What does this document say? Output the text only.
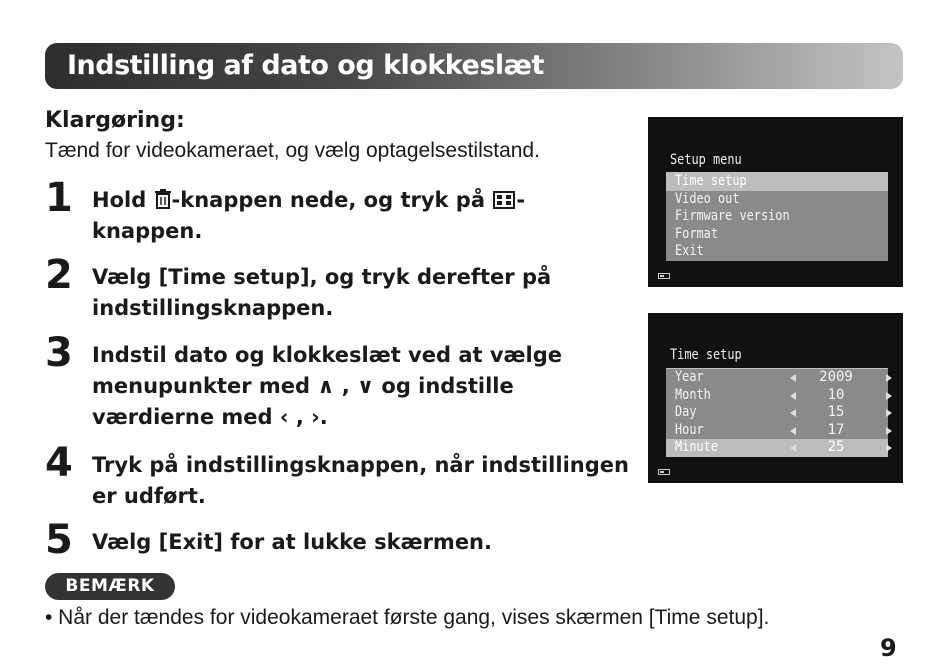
Indstilling af dato og klokkeslæt
Klargøring:
Tænd for videokameraet, og vælg optagelsestilstand.
1 Hold -knappen nede, og tryk på
-
knappen.
2 Vælg [Time setup], og tryk derefter på
indstillingsknappen.
3 Indstil dato og klokkeslæt ved at vælge
menupunkter med ∧ , ∨ og indstille
værdierne med ‹ , ›.
4 Tryk på indstillingsknappen, når indstillingen
er udført.
5 Vælg [Exit] for at lukke skærmen.
BEMÆRK
• Når der tændes for videokameraet første gang, vises skærmen [Time setup].
9
Setup menu
Time setup
Video out
Firmware version
Format
Exit
Time setup
Year	2009
Month	10
Day	15
Hour	17
Minute	25
